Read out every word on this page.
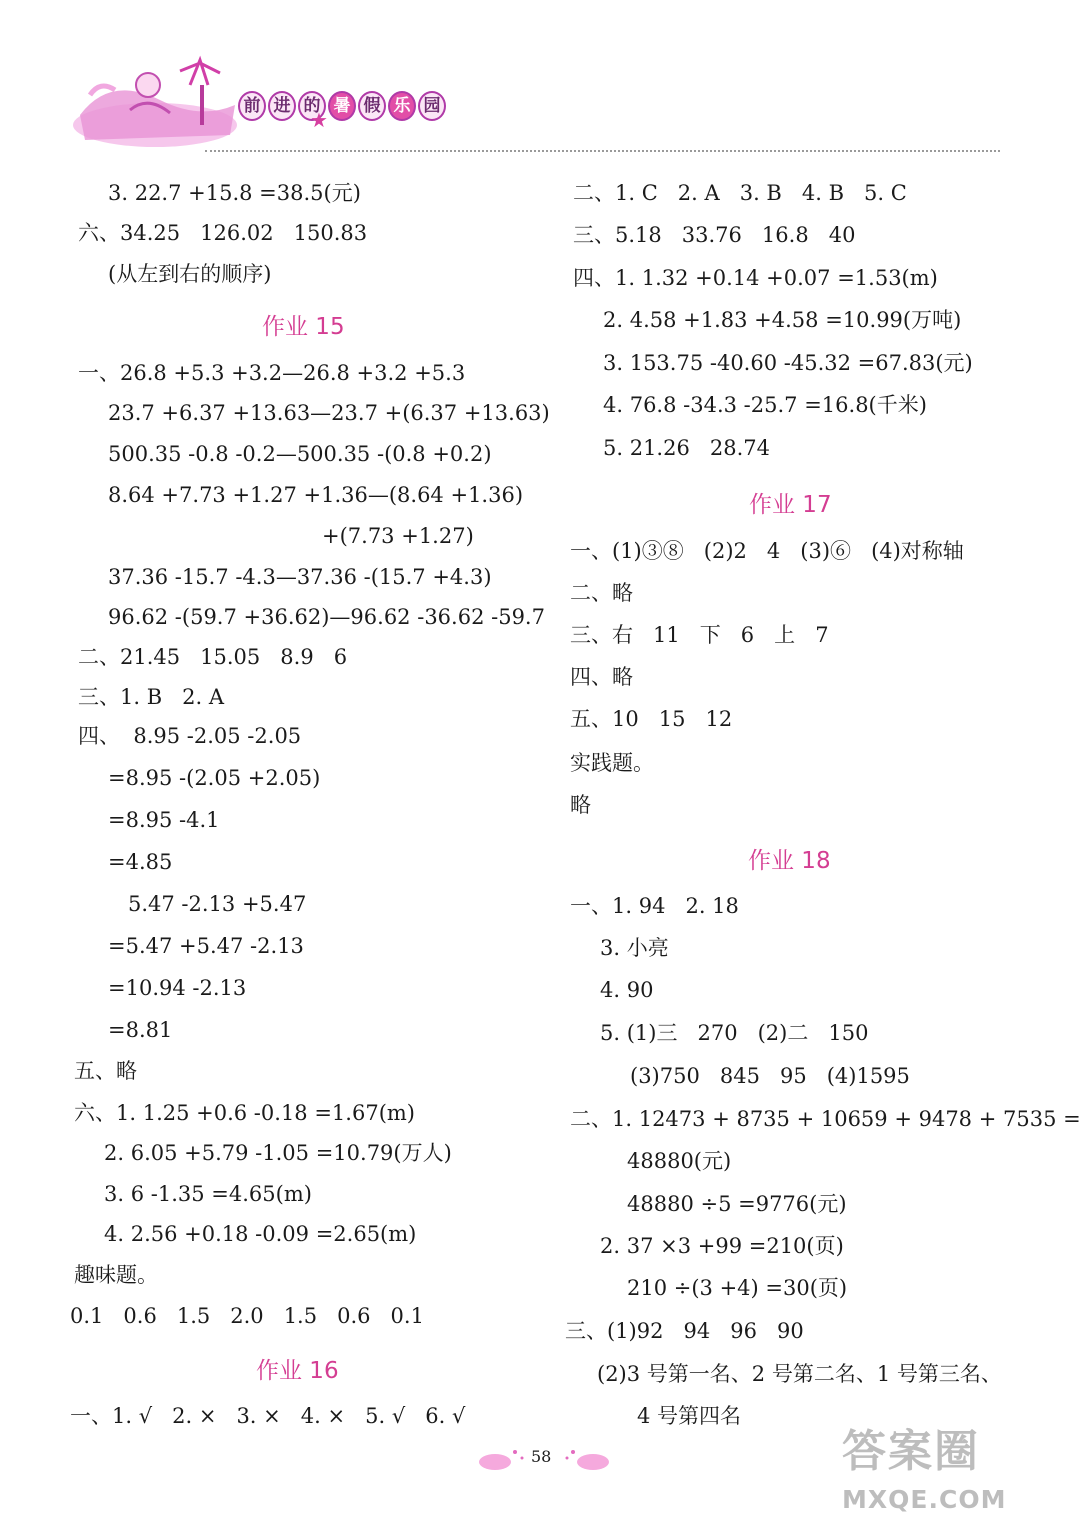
前 进 的 暑 假 乐 园
★
3. 22.7 +15.8 =38.5(元)
六、34.25   126.02   150.83
(从左到右的顺序)
作业 15
一、26.8 +5.3 +3.2—26.8 +3.2 +5.3
23.7 +6.37 +13.63—23.7 +(6.37 +13.63)
500.35 -0.8 -0.2—500.35 -(0.8 +0.2)
8.64 +7.73 +1.27 +1.36—(8.64 +1.36)
+(7.73 +1.27)
37.36 -15.7 -4.3—37.36 -(15.7 +4.3)
96.62 -(59.7 +36.62)—96.62 -36.62 -59.7
二、21.45   15.05   8.9   6
三、1. B   2. A
四、  8.95 -2.05 -2.05
=8.95 -(2.05 +2.05)
=8.95 -4.1
=4.85
5.47 -2.13 +5.47
=5.47 +5.47 -2.13
=10.94 -2.13
=8.81
五、略
六、1. 1.25 +0.6 -0.18 =1.67(m)
2. 6.05 +5.79 -1.05 =10.79(万人)
3. 6 -1.35 =4.65(m)
4. 2.56 +0.18 -0.09 =2.65(m)
趣味题。
0.1   0.6   1.5   2.0   1.5   0.6   0.1
作业 16
一、1. √   2. ×   3. ×   4. ×   5. √   6. √
二、1. C   2. A   3. B   4. B   5. C
三、5.18   33.76   16.8   40
四、1. 1.32 +0.14 +0.07 =1.53(m)
2. 4.58 +1.83 +4.58 =10.99(万吨)
3. 153.75 -40.60 -45.32 =67.83(元)
4. 76.8 -34.3 -25.7 =16.8(千米)
5. 21.26   28.74
作业 17
一、(1)③⑧   (2)2   4   (3)⑥   (4)对称轴
二、略
三、右   11   下   6   上   7
四、略
五、10   15   12
实践题。
略
作业 18
一、1. 94   2. 18
3. 小亮
4. 90
5. (1)三   270   (2)二   150
(3)750   845   95   (4)1595
二、1. 12473 + 8735 + 10659 + 9478 + 7535 =
48880(元)
48880 ÷5 =9776(元)
2. 37 ×3 +99 =210(页)
210 ÷(3 +4) =30(页)
三、(1)92   94   96   90
(2)3 号第一名、2 号第二名、1 号第三名、
4 号第四名
58	答案圈
MXQE.COM
